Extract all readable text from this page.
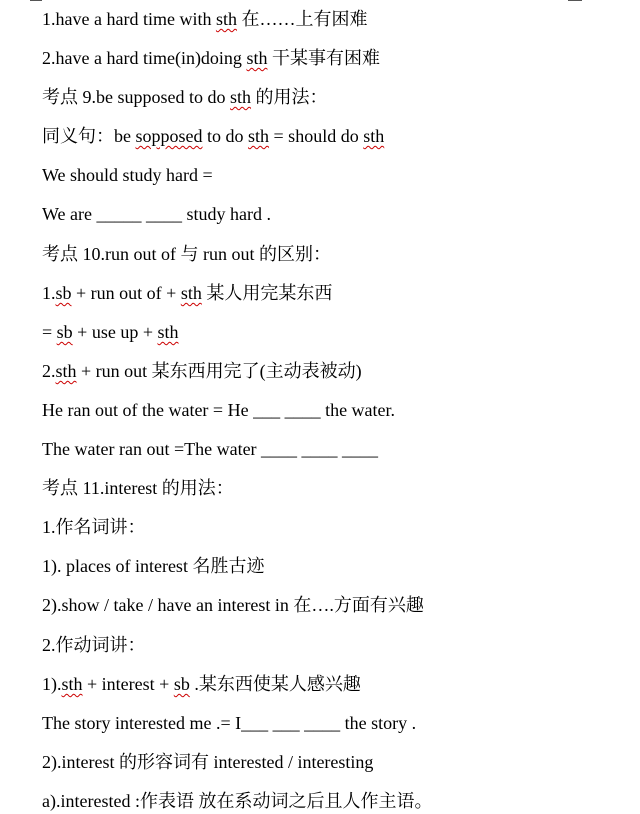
1.have a hard time with sth 在……上有困难
2.have a hard time(in)doing sth 干某事有困难
考点 9.be supposed to do sth 的用法：
同义句：be sopposed to do sth = should do sth
We should study hard =
We are _____ ____ study hard .
考点 10.run out of 与 run out 的区别：
1.sb + run out of + sth 某人用完某东西
= sb + use up + sth
2.sth + run out 某东西用完了(主动表被动)
He ran out of the water = He ___ ____ the water.
The water ran out =The water ____ ____ ____
考点 11.interest 的用法：
1.作名词讲：
1). places of interest 名胜古迹
2).show / take / have an interest in 在….方面有兴趣
2.作动词讲：
1).sth + interest + sb .某东西使某人感兴趣
The story interested me .= I___ ___ ____ the story .
2).interest 的形容词有 interested / interesting
a).interested :作表语 放在系动词之后且人作主语。
